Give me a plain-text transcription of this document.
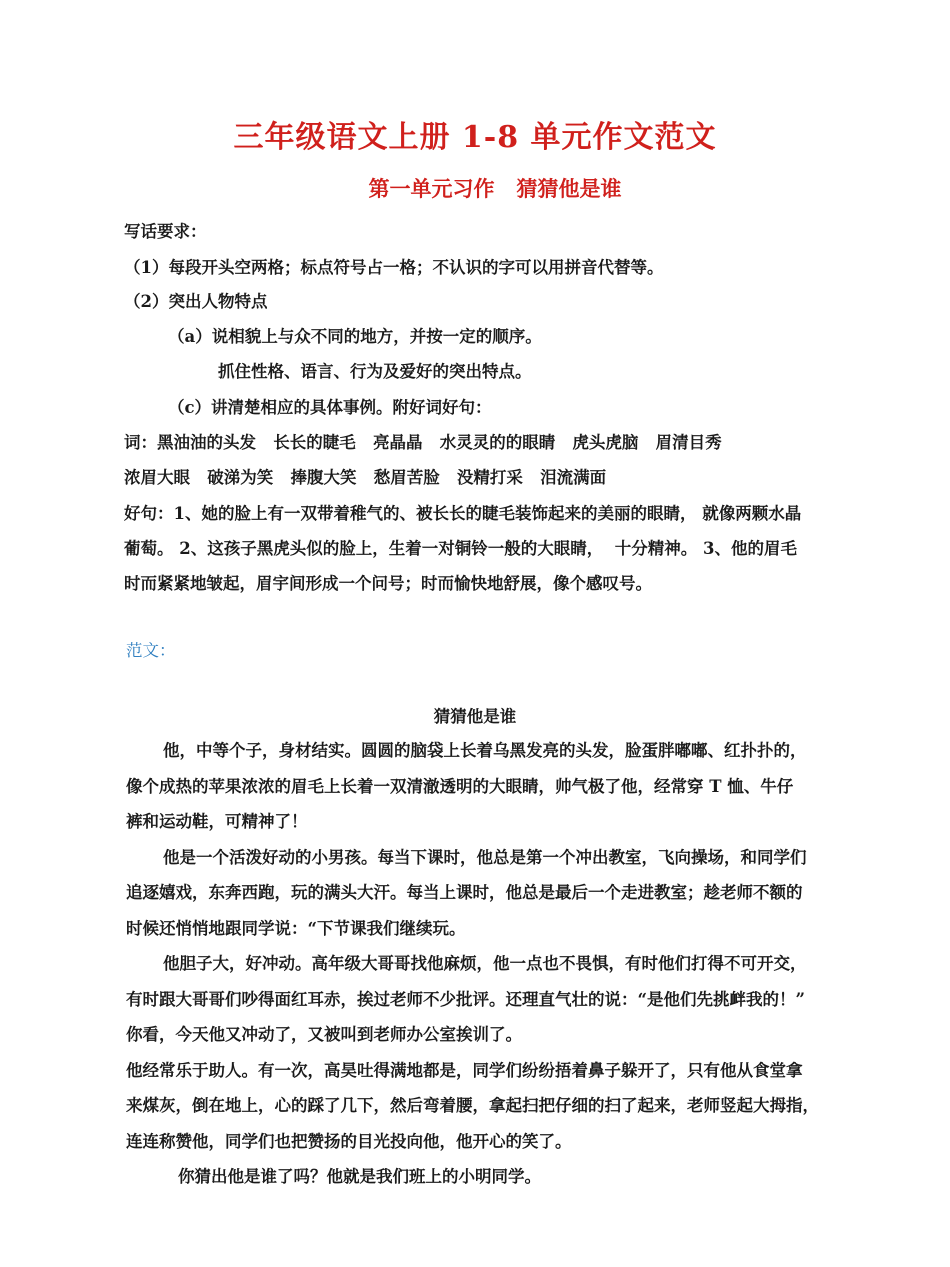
三年级语文上册 1-8 单元作文范文
第一单元习作   猜猜他是谁
写话要求：
（1）每段开头空两格；标点符号占一格；不认识的字可以用拼音代替等。
（2）突出人物特点
（a）说相貌上与众不同的地方，并按一定的顺序。
抓住性格、语言、行为及爱好的突出特点。
（c）讲清楚相应的具体事例。附好词好句：
词：黑油油的头发   长长的睫毛   亮晶晶   水灵灵的的眼睛   虎头虎脑   眉清目秀
浓眉大眼   破涕为笑   捧腹大笑   愁眉苦脸   没精打采   泪流满面
好句：1、她的脸上有一双带着稚气的、被长长的睫毛装饰起来的美丽的眼睛， 就像两颗水晶
葡萄。 2、这孩子黑虎头似的脸上，生着一对铜铃一般的大眼睛，  十分精神。 3、他的眉毛
时而紧紧地皱起，眉宇间形成一个问号；时而愉快地舒展，像个感叹号。
范文：
猜猜他是谁
他，中等个子，身材结实。圆圆的脑袋上长着乌黑发亮的头发，脸蛋胖嘟嘟、红扑扑的，
像个成热的苹果浓浓的眉毛上长着一双清澈透明的大眼睛，帅气极了他，经常穿 T 恤、牛仔
裤和运动鞋，可精神了！
他是一个活泼好动的小男孩。每当下课时，他总是第一个冲出教室，飞向操场，和同学们
追逐嬉戏，东奔西跑，玩的满头大汗。每当上课时，他总是最后一个走进教室；趁老师不额的
时候还悄悄地跟同学说：“下节课我们继续玩。
他胆子大，好冲动。高年级大哥哥找他麻烦，他一点也不畏惧，有时他们打得不可开交，
有时跟大哥哥们吵得面红耳赤，挨过老师不少批评。还理直气壮的说：“是他们先挑衅我的！”
你看，今天他又冲动了，又被叫到老师办公室挨训了。
他经常乐于助人。有一次，高昊吐得满地都是，同学们纷纷捂着鼻子躲开了，只有他从食堂拿
来煤灰，倒在地上，心的踩了几下，然后弯着腰，拿起扫把仔细的扫了起来，老师竖起大拇指，
连连称赞他，同学们也把赞扬的目光投向他，他开心的笑了。
你猜出他是谁了吗？他就是我们班上的小明同学。
